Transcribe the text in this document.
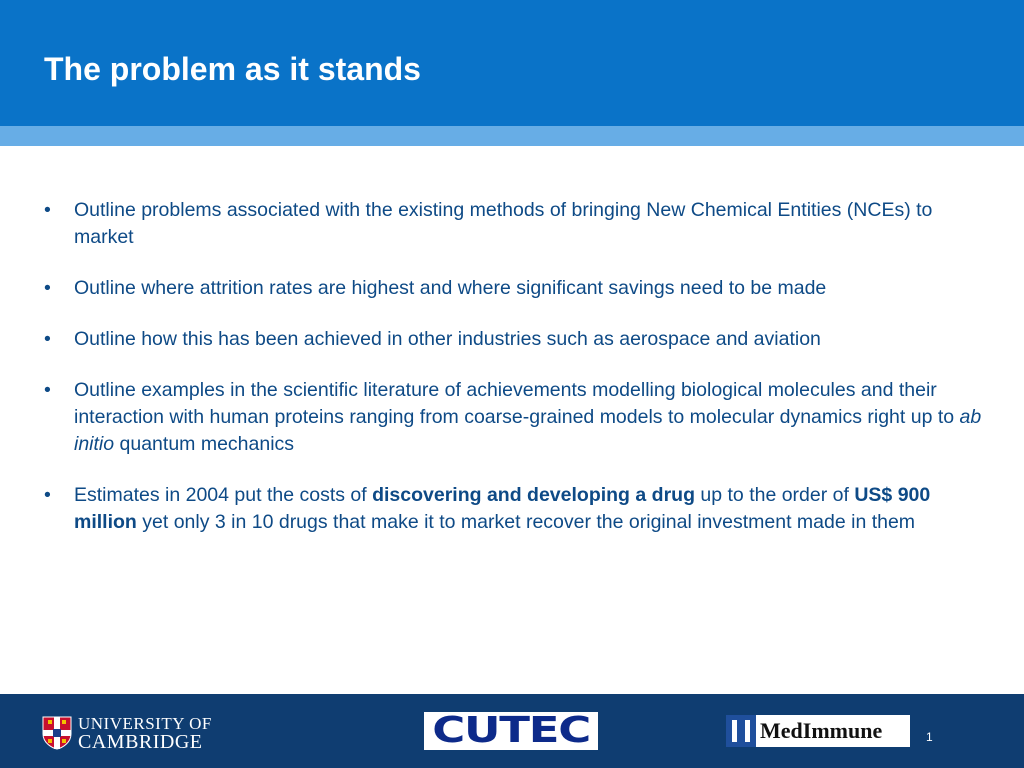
The problem as it stands
•	Outline problems associated with the existing methods of bringing New Chemical Entities (NCEs) to market
•	Outline where attrition rates are highest and where significant savings need to be made
•	Outline how this has been achieved in other industries such as aerospace and aviation
•	Outline examples in the scientific literature of achievements modelling biological molecules and their interaction with human proteins ranging from coarse-grained models to molecular dynamics right up to ab initio quantum mechanics
•	Estimates in 2004 put the costs of discovering and developing a drug up to the order of US$ 900 million yet only 3 in 10 drugs that make it to market recover the original investment made in them
UNIVERSITY OF
CAMBRIDGE	CUTEC	MedImmune	1
